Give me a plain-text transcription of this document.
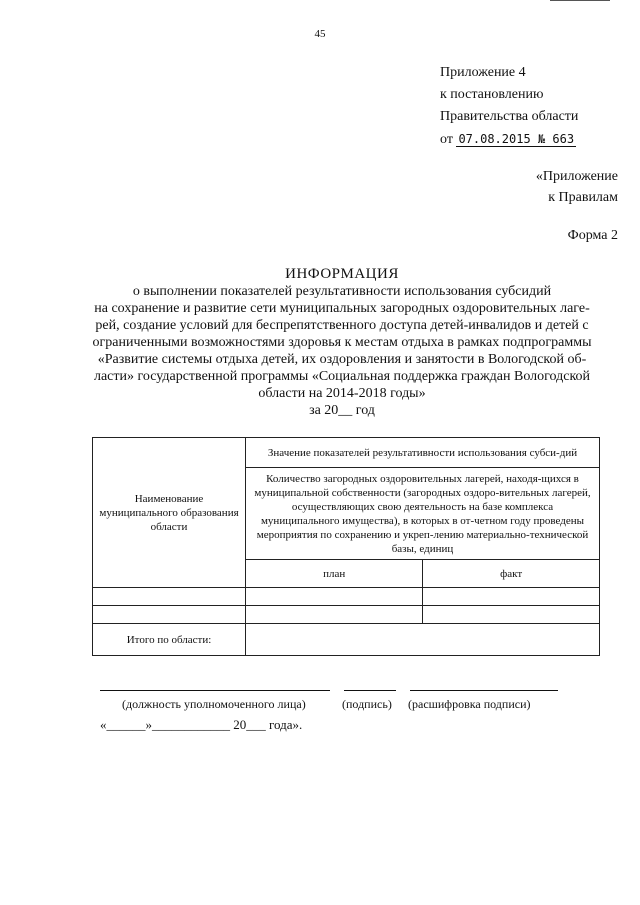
45
Приложение 4
к постановлению
Правительства области
от 07.08.2015 № 663
«Приложение
к Правилам
Форма 2
ИНФОРМАЦИЯ
о выполнении показателей результативности использования субсидий
на сохранение и развитие сети муниципальных загородных оздоровительных лаге-
рей, создание условий для беспрепятственного доступа детей-инвалидов и детей с
ограниченными возможностями здоровья к местам отдыха в рамках подпрограммы
«Развитие системы отдыха детей, их оздоровления и занятости в Вологодской об-
ласти» государственной программы «Социальная поддержка граждан Вологодской
области на 2014-2018 годы»
за 20__ год
Наименование муниципального образования области	Значение показателей результативности использования субси-дий	
	Количество загородных оздоровительных лагерей, находя-щихся в муниципальной собственности (загородных оздоро-вительных лагерей, осуществляющих свою деятельность на базе комплекса муниципального имущества), в которых в от-четном году проведены мероприятия по сохранению и укреп-лению материально-технической базы, единиц	
	план	факт

Итого по области:		
(должность уполномоченного лица)	(подпись) (расшифровка подписи)
«______»____________ 20___ года».
